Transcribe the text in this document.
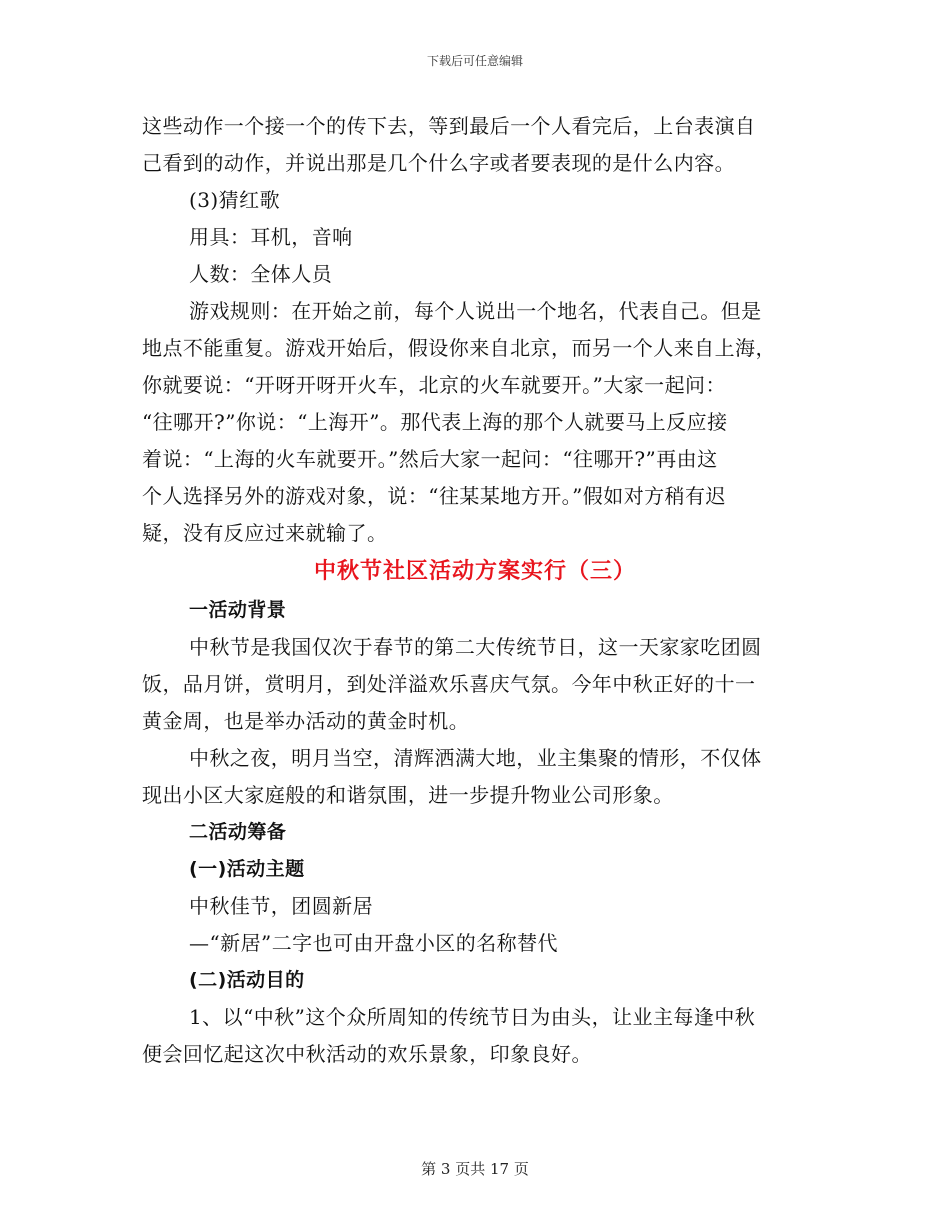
下载后可任意编辑
这些动作一个接一个的传下去，等到最后一个人看完后，上台表演自
己看到的动作，并说出那是几个什么字或者要表现的是什么内容。
(3)猜红歌
用具：耳机，音响
人数：全体人员
游戏规则：在开始之前，每个人说出一个地名，代表自己。但是
地点不能重复。游戏开始后，假设你来自北京，而另一个人来自上海，
你就要说：“开呀开呀开火车，北京的火车就要开。”大家一起问：
“往哪开?”你说：“上海开”。那代表上海的那个人就要马上反应接
着说：“上海的火车就要开。”然后大家一起问：“往哪开?”再由这
个人选择另外的游戏对象，说：“往某某地方开。”假如对方稍有迟
疑，没有反应过来就输了。
中秋节社区活动方案实行（三）
一活动背景
中秋节是我国仅次于春节的第二大传统节日，这一天家家吃团圆
饭，品月饼，赏明月，到处洋溢欢乐喜庆气氛。今年中秋正好的十一
黄金周，也是举办活动的黄金时机。
中秋之夜，明月当空，清辉洒满大地，业主集聚的情形，不仅体
现出小区大家庭般的和谐氛围，进一步提升物业公司形象。
二活动筹备
(一)活动主题
中秋佳节，团圆新居
—“新居”二字也可由开盘小区的名称替代
(二)活动目的
1、以“中秋”这个众所周知的传统节日为由头，让业主每逢中秋
便会回忆起这次中秋活动的欢乐景象，印象良好。
第 3 页共 17 页
